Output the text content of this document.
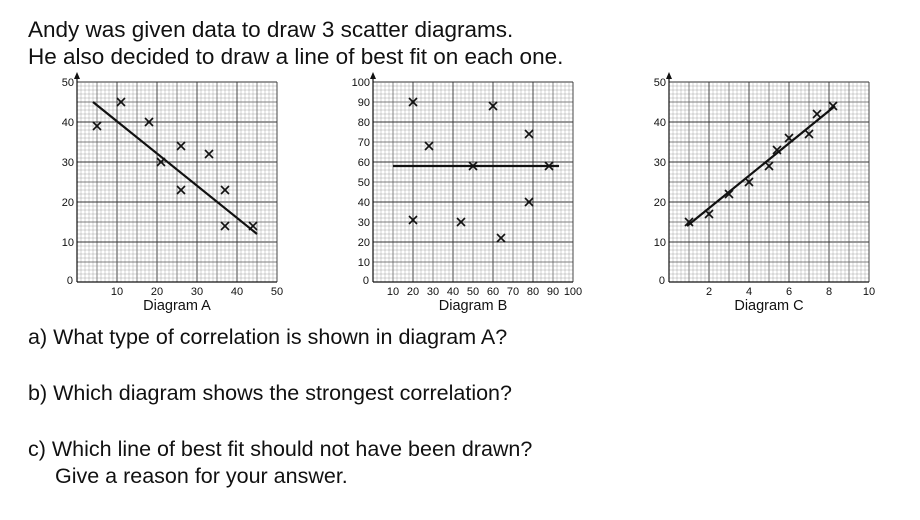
Andy was given data to draw 3 scatter diagrams.
He also decided to draw a line of best fit on each one.
0
10
20
30
40
50
10	20	30	40	50
Diagram A
0
10
20
30
40
50
60
70
80
90
100
10 20 30 40 50 60 70 80 90 100
Diagram B
0
10
20
30
40
50
2	4	6	8	10
Diagram C
a) What type of correlation is shown in diagram A?
b) Which diagram shows the strongest correlation?
c) Which line of best fit should not have been drawn?
Give a reason for your answer.
